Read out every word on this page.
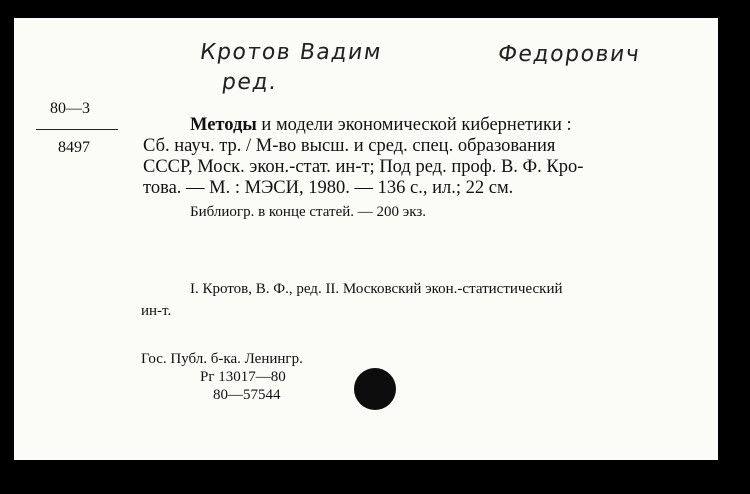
Кротов Вадим	Федорович
ред.
80—3
8497
Методы и модели экономической кибернетики :
Сб. науч. тр. / М-во высш. и сред. спец. образования
СССР, Моск. экон.-стат. ин-т; Под ред. проф. В. Ф. Кро-
това. — М. : МЭСИ, 1980. — 136 с., ил.; 22 см.
Библиогр. в конце статей. — 200 экз.
I. Кротов, В. Ф., ред. II. Московский экон.-статистический
ин-т.
Гос. Публ. б-ка. Ленингр.
Рг 13017—80
80—57544
